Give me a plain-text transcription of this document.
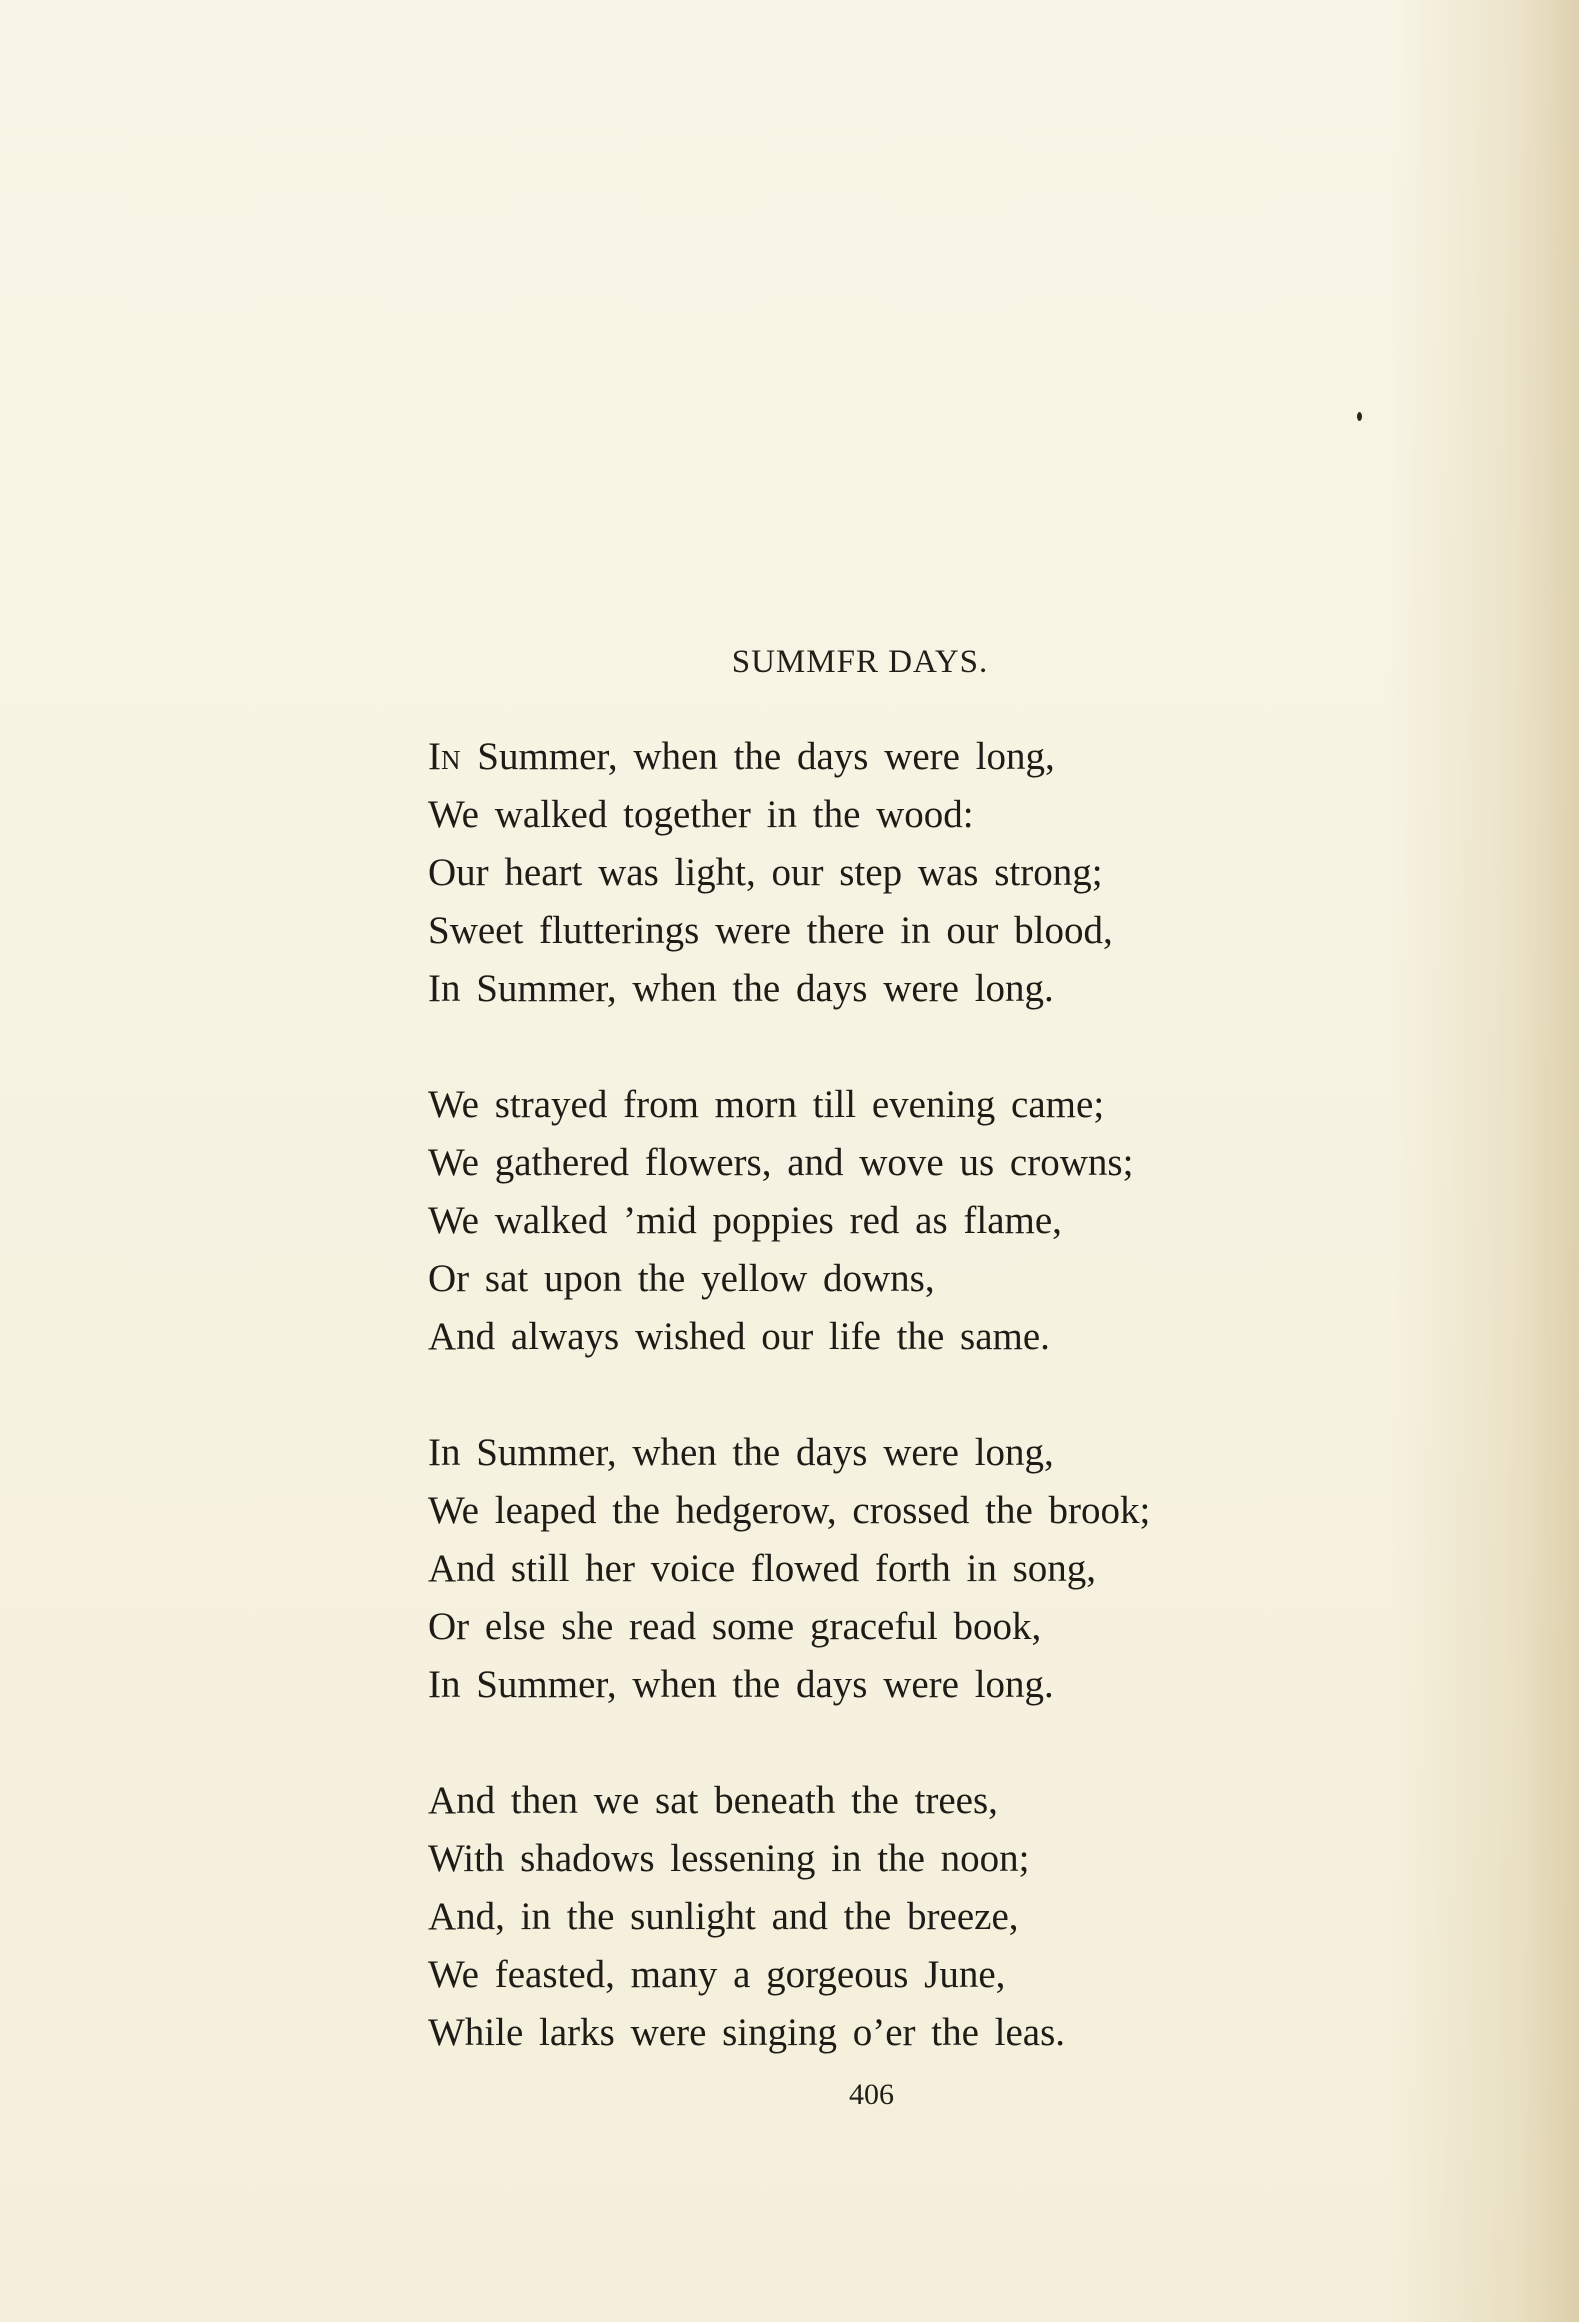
SUMMFR DAYS.
IN Summer, when the days were long,
We walked together in the wood:
Our heart was light, our step was strong;
Sweet flutterings were there in our blood,
In Summer, when the days were long.
We strayed from morn till evening came;
We gathered flowers, and wove us crowns;
We walked ’mid poppies red as flame,
Or sat upon the yellow downs,
And always wished our life the same.
In Summer, when the days were long,
We leaped the hedgerow, crossed the brook;
And still her voice flowed forth in song,
Or else she read some graceful book,
In Summer, when the days were long.
And then we sat beneath the trees,
With shadows lessening in the noon;
And, in the sunlight and the breeze,
We feasted, many a gorgeous June,
While larks were singing o’er the leas.
406
